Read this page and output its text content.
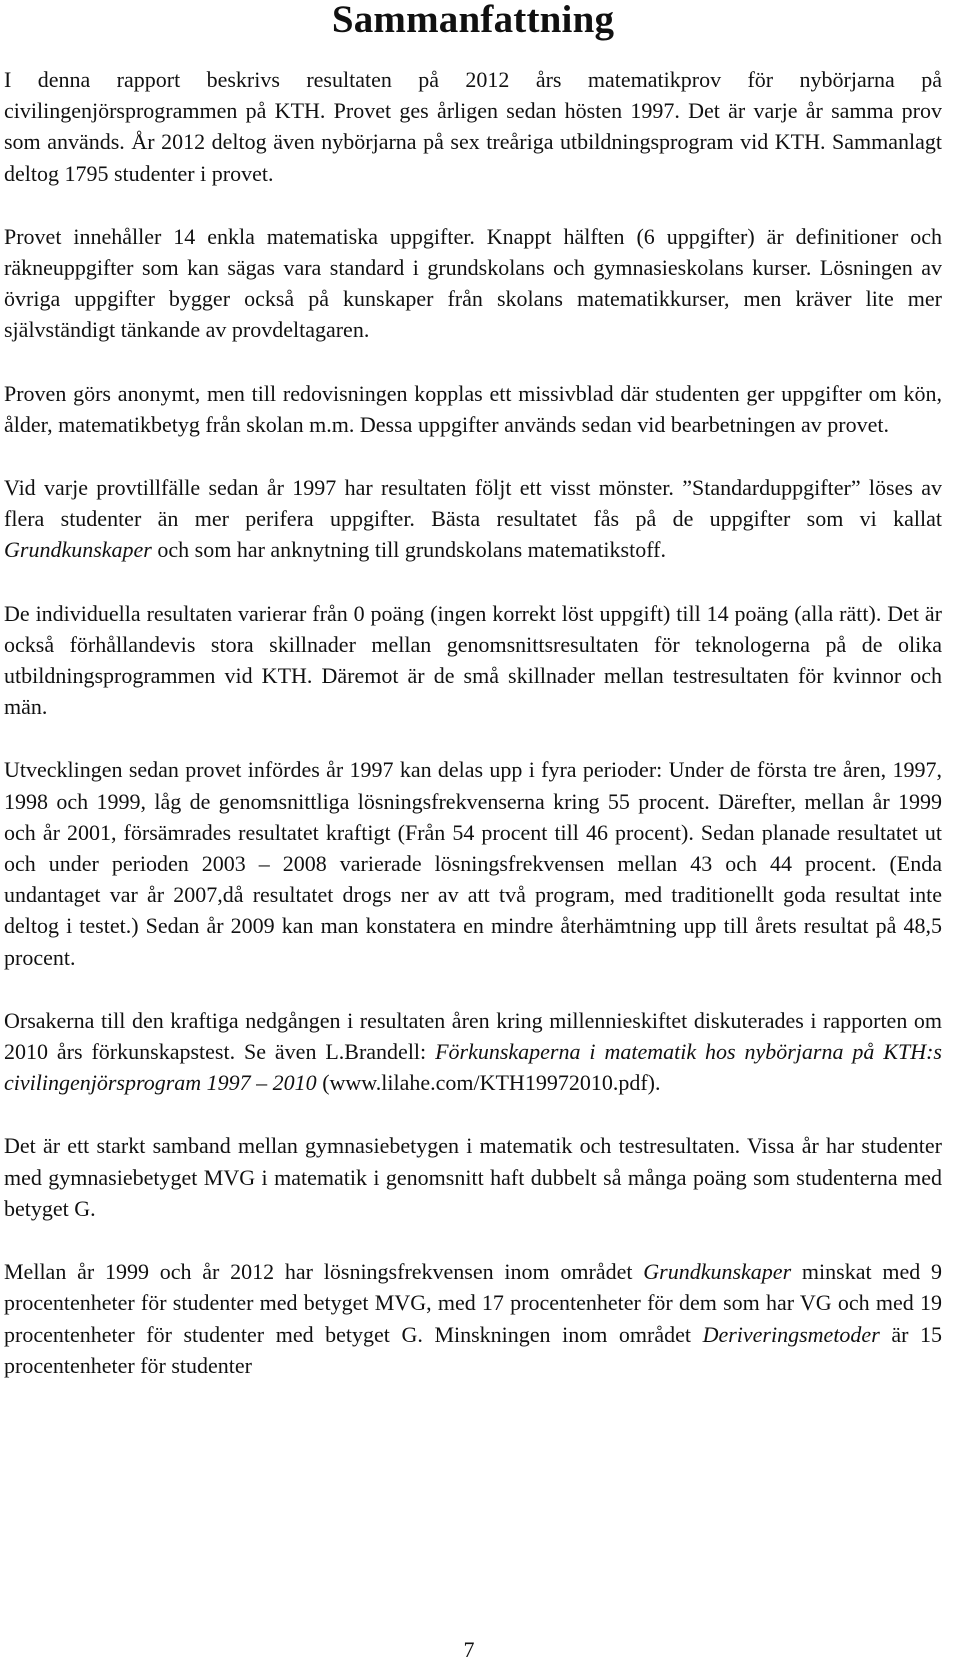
Sammanfattning

I denna rapport beskrivs resultaten på 2012 års matematikprov för nybörjarna på civilingenjörsprogrammen på KTH. Provet ges årligen sedan hösten 1997. Det är varje år samma prov som används. År 2012 deltog även nybörjarna på sex treåriga utbildningsprogram vid KTH. Sammanlagt deltog 1795 studenter i provet.

Provet innehåller 14 enkla matematiska uppgifter. Knappt hälften (6 uppgifter) är definitioner och räkneuppgifter som kan sägas vara standard i grundskolans och gymnasieskolans kurser. Lösningen av övriga uppgifter bygger också på kunskaper från skolans matematikkurser, men kräver lite mer självständigt tänkande av provdeltagaren.

Proven görs anonymt, men till redovisningen kopplas ett missivblad där studenten ger uppgifter om kön, ålder, matematikbetyg från skolan m.m. Dessa uppgifter används sedan vid bearbetningen av provet.

Vid varje provtillfälle sedan år 1997 har resultaten följt ett visst mönster. ”Standarduppgifter” löses av flera studenter än mer perifera uppgifter. Bästa resultatet fås på de uppgifter som vi kallat Grundkunskaper och som har anknytning till grundskolans matematikstoff.

De individuella resultaten varierar från 0 poäng (ingen korrekt löst uppgift) till 14 poäng (alla rätt). Det är också förhållandevis stora skillnader mellan genomsnittsresultaten för teknologerna på de olika utbildningsprogrammen vid KTH. Däremot är de små skillnader mellan testresultaten för kvinnor och män.

Utvecklingen sedan provet infördes år 1997 kan delas upp i fyra perioder: Under de första tre åren, 1997, 1998 och 1999, låg de genomsnittliga lösningsfrekvenserna kring 55 procent. Därefter, mellan år 1999 och år 2001, försämrades resultatet kraftigt (Från 54 procent till 46 procent). Sedan planade resultatet ut och under perioden 2003 – 2008 varierade lösningsfrekvensen mellan 43 och 44 procent. (Enda undantaget var år 2007,då resultatet drogs ner av att två program, med traditionellt goda resultat inte deltog i testet.) Sedan år 2009 kan man konstatera en mindre återhämtning upp till årets resultat på 48,5 procent.

Orsakerna till den kraftiga nedgången i resultaten åren kring millennieskiftet diskuterades i rapporten om 2010 års förkunskapstest. Se även L.Brandell: Förkunskaperna i matematik hos nybörjarna på KTH:s civilingenjörsprogram 1997 – 2010 (www.lilahe.com/KTH19972010.pdf).

Det är ett starkt samband mellan gymnasiebetygen i matematik och testresultaten. Vissa år har studenter med gymnasiebetyget MVG i matematik i genomsnitt haft dubbelt så många poäng som studenterna med betyget G.

Mellan år 1999 och år 2012 har lösningsfrekvensen inom området Grundkunskaper minskat med 9 procentenheter för studenter med betyget MVG, med 17 procentenheter för dem som har VG och med 19 procentenheter för studenter med betyget G. Minskningen inom området Deriveringsmetoder är 15 procentenheter för studenter

7
